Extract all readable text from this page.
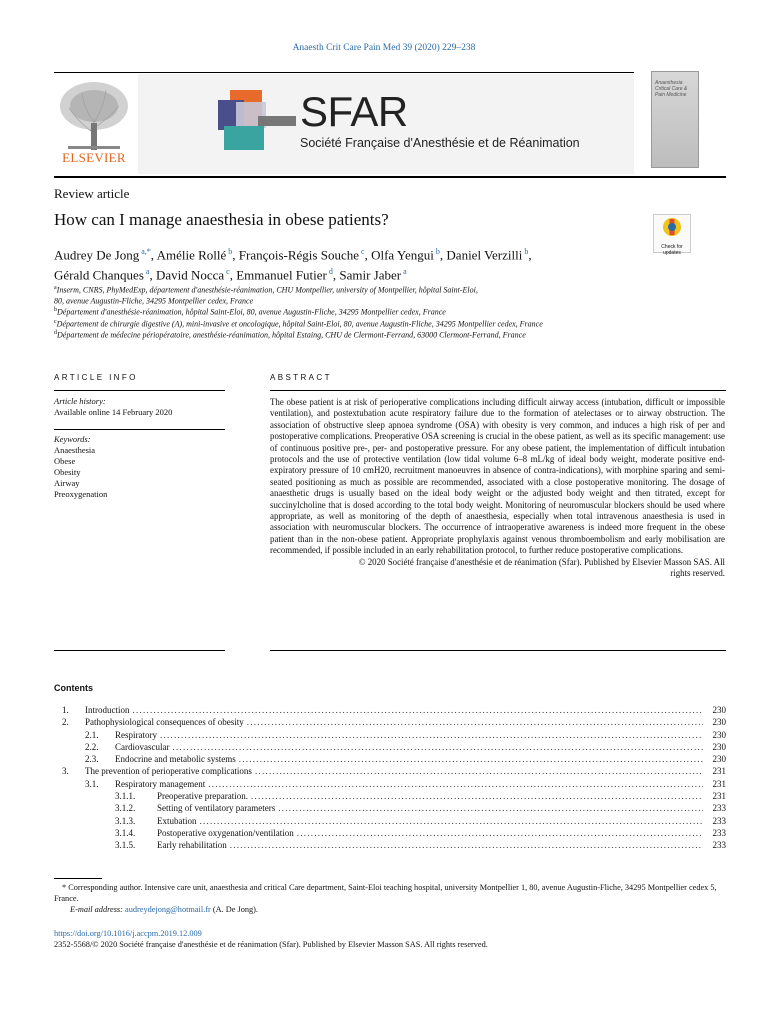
Anaesth Crit Care Pain Med 39 (2020) 229–238
ELSEVIER
SFAR
Société Française d'Anesthésie et de Réanimation
Anaesthesia Critical Care & Pain Medicine
Review article
How can I manage anaesthesia in obese patients?
Check for updates
Audrey De Jong $^{a,*}$, Amélie Rollé $^b$, François-Régis Souche $^c$, Olfa Yengui $^b$, Daniel Verzilli $^b$,
Gérald Chanques $^a$, David Nocca $^c$, Emmanuel Futier $^d$, Samir Jaber $^a$
$^a$Inserm, CNRS, PhyMedExp, département d'anesthésie-réanimation, CHU Montpellier, university of Montpellier, hôpital Saint-Eloi,
80, avenue Augustin-Fliche, 34295 Montpellier cedex, France
$^b$Département d'anesthésie-réanimation, hôpital Saint-Eloi, 80, avenue Augustin-Fliche, 34295 Montpellier cedex, France
$^c$Département de chirurgie digestive (A), mini-invasive et oncologique, hôpital Saint-Eloi, 80, avenue Augustin-Fliche, 34295 Montpellier cedex, France
$^d$Département de médecine périopératoire, anesthésie-réanimation, hôpital Estaing, CHU de Clermont-Ferrand, 63000 Clermont-Ferrand, France
ARTICLE INFO
Article history:
Available online 14 February 2020
Keywords:
Anaesthesia
Obese
Obesity
Airway
Preoxygenation
ABSTRACT
The obese patient is at risk of perioperative complications including difficult airway access (intubation, difficult or impossible ventilation), and postextubation acute respiratory failure due to the formation of atelectases or to airway obstruction. The association of obstructive sleep apnoea syndrome (OSA) with obesity is very common, and induces a high risk of per and postoperative complications. Preoperative OSA screening is crucial in the obese patient, as well as its specific management: use of continuous positive pre-, per- and postoperative pressure. For any obese patient, the implementation of difficult intubation protocols and the use of protective ventilation (low tidal volume 6–8 mL/kg of ideal body weight, moderate positive end-expiratory pressure of 10 cmH20, recruitment manoeuvres in absence of contra-indications), with morphine sparing and semi-seated positioning as much as possible are recommended, associated with a close postoperative monitoring. The dosage of anaesthetic drugs is usually based on the ideal body weight or the adjusted body weight and then titrated, except for succinylcholine that is dosed according to the total body weight. Monitoring of neuromuscular blockers should be used where appropriate, as well as monitoring of the depth of anaesthesia, especially when total intravenous anaesthesia is used in association with neuromuscular blockers. The occurrence of intraoperative awareness is indeed more frequent in the obese patient than in the non-obese patient. Appropriate prophylaxis against venous thromboembolism and early mobilisation are recommended, if possible included in an early rehabilitation protocol, to further reduce postoperative complications.
© 2020 Société française d'anesthésie et de réanimation (Sfar). Published by Elsevier Masson SAS. All
rights reserved.
Contents
1.	Introduction . . .	230
2.	Pathophysiological consequences of obesity . . .	230
2.1.	Respiratory . . .	230
2.2.	Cardiovascular . . .	230
2.3.	Endocrine and metabolic systems . . .	230
3.	The prevention of perioperative complications . . .	231
3.1.	Respiratory management . . .	231
3.1.1.	Preoperative preparation. . . .	231
3.1.2.	Setting of ventilatory parameters . . .	233
3.1.3.	Extubation . . .	233
3.1.4.	Postoperative oxygenation/ventilation . . .	233
3.1.5.	Early rehabilitation . . .	233
* Corresponding author. Intensive care unit, anaesthesia and critical Care department, Saint-Eloi teaching hospital, university Montpellier 1, 80, avenue Augustin-Fliche, 34295 Montpellier cedex 5, France.
E-mail address: audreydejong@hotmail.fr (A. De Jong).
https://doi.org/10.1016/j.accpm.2019.12.009
2352-5568/© 2020 Société française d'anesthésie et de réanimation (Sfar). Published by Elsevier Masson SAS. All rights reserved.
